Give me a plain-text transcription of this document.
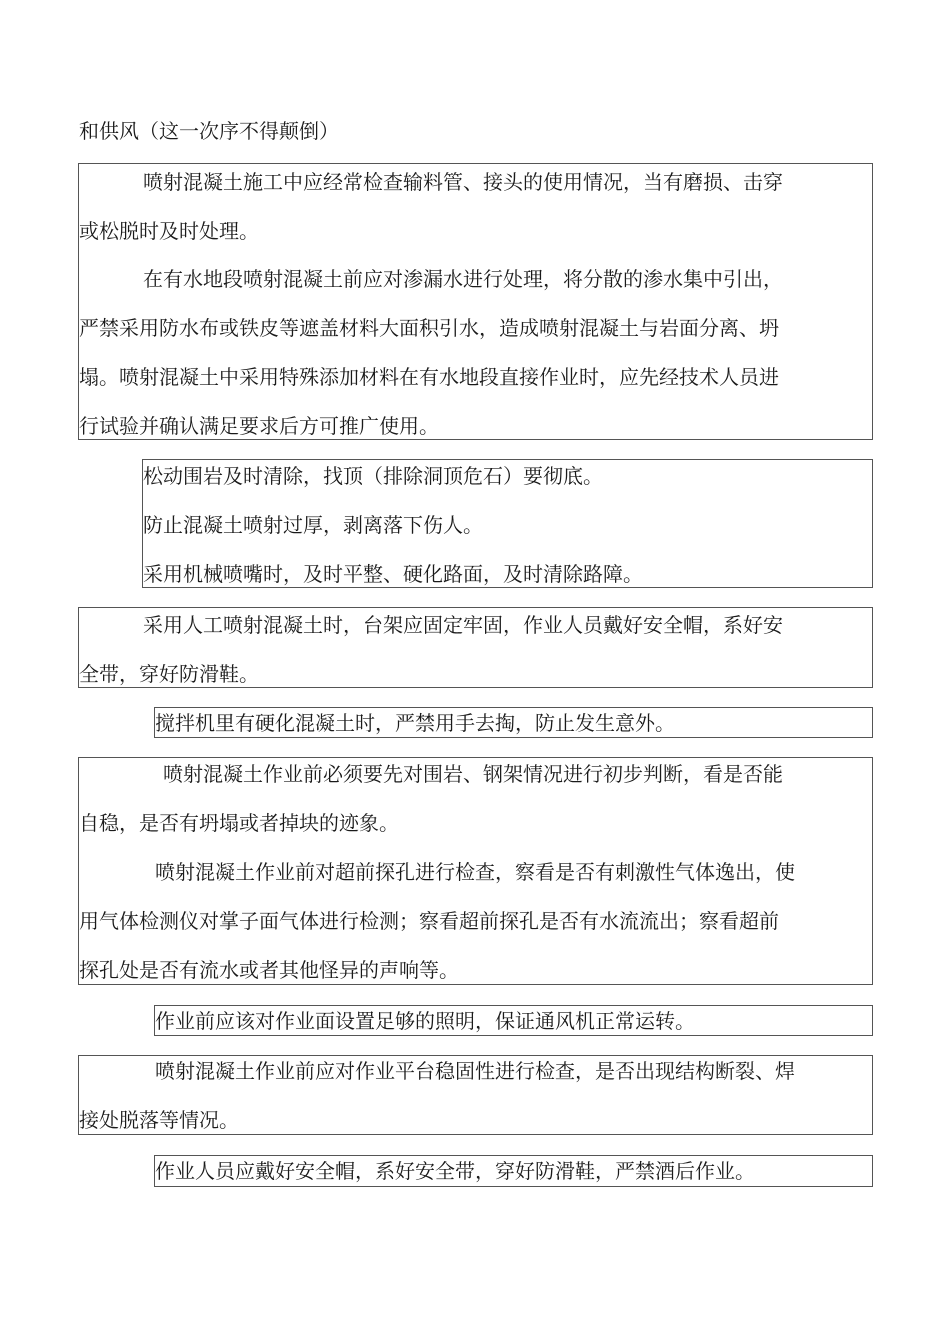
和供风（这一次序不得颠倒）
喷射混凝土施工中应经常检查输料管、接头的使用情况，当有磨损、击穿
或松脱时及时处理。
在有水地段喷射混凝土前应对渗漏水进行处理，将分散的渗水集中引出，
严禁采用防水布或铁皮等遮盖材料大面积引水，造成喷射混凝土与岩面分离、坍
塌。喷射混凝土中采用特殊添加材料在有水地段直接作业时，应先经技术人员进
行试验并确认满足要求后方可推广使用。
松动围岩及时清除，找顶（排除洞顶危石）要彻底。
防止混凝土喷射过厚，剥离落下伤人。
采用机械喷嘴时，及时平整、硬化路面，及时清除路障。
采用人工喷射混凝土时，台架应固定牢固，作业人员戴好安全帽，系好安
全带，穿好防滑鞋。
搅拌机里有硬化混凝土时，严禁用手去掏，防止发生意外。
喷射混凝土作业前必须要先对围岩、钢架情况进行初步判断，看是否能
自稳，是否有坍塌或者掉块的迹象。
喷射混凝土作业前对超前探孔进行检查，察看是否有刺激性气体逸出，使
用气体检测仪对掌子面气体进行检测；察看超前探孔是否有水流流出；察看超前
探孔处是否有流水或者其他怪异的声响等。
作业前应该对作业面设置足够的照明，保证通风机正常运转。
喷射混凝土作业前应对作业平台稳固性进行检查，是否出现结构断裂、焊
接处脱落等情况。
作业人员应戴好安全帽，系好安全带，穿好防滑鞋，严禁酒后作业。
